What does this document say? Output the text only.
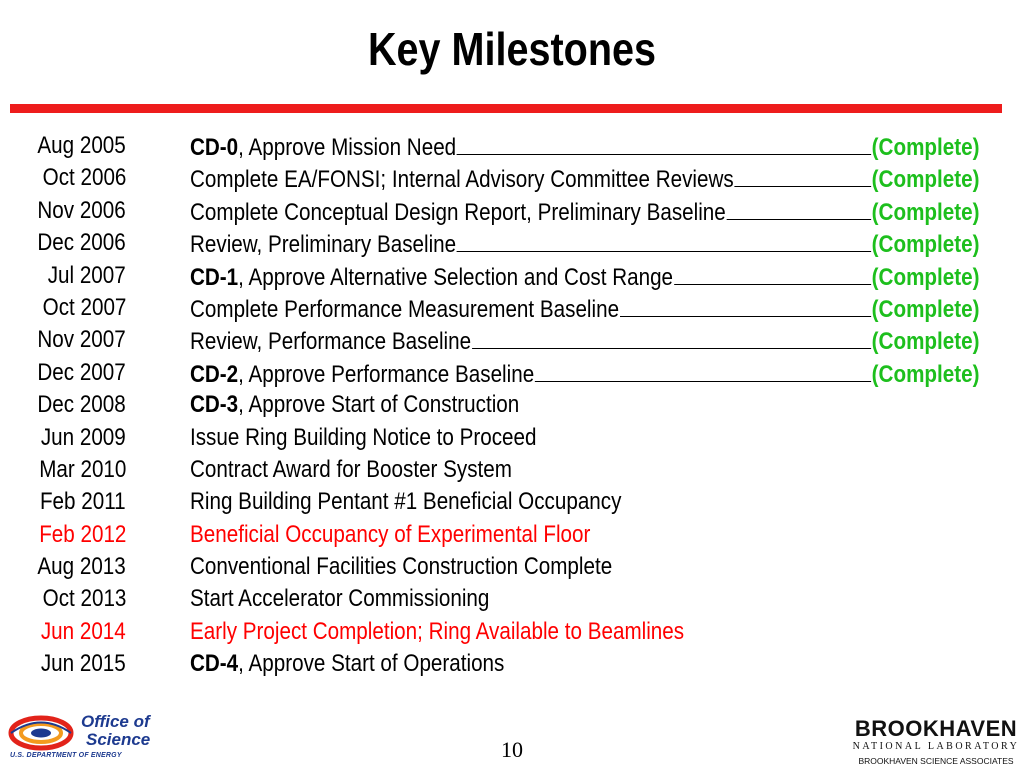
Key Milestones
Aug 2005	CD-0, Approve Mission Need	(Complete)
Oct 2006	Complete EA/FONSI; Internal Advisory Committee Reviews	(Complete)
Nov 2006	Complete Conceptual Design Report, Preliminary Baseline	(Complete)
Dec 2006	Review, Preliminary Baseline	(Complete)
Jul 2007	CD-1, Approve Alternative Selection and Cost Range	(Complete)
Oct 2007	Complete Performance Measurement Baseline	(Complete)
Nov 2007	Review, Performance Baseline	(Complete)
Dec 2007	CD-2, Approve Performance Baseline	(Complete)
Dec 2008	CD-3, Approve Start of Construction
Jun 2009	Issue Ring Building Notice to Proceed
Mar 2010	Contract Award for Booster System
Feb 2011	Ring Building Pentant #1 Beneficial Occupancy
Feb 2012	Beneficial Occupancy of Experimental Floor
Aug 2013	Conventional Facilities Construction Complete
Oct 2013	Start Accelerator Commissioning
Jun 2014	Early Project Completion; Ring Available to Beamlines
Jun 2015	CD-4, Approve Start of Operations
Office of
Science
U.S. DEPARTMENT OF ENERGY	10
BROOKHAVEN
NATIONAL LABORATORY
BROOKHAVEN SCIENCE ASSOCIATES
